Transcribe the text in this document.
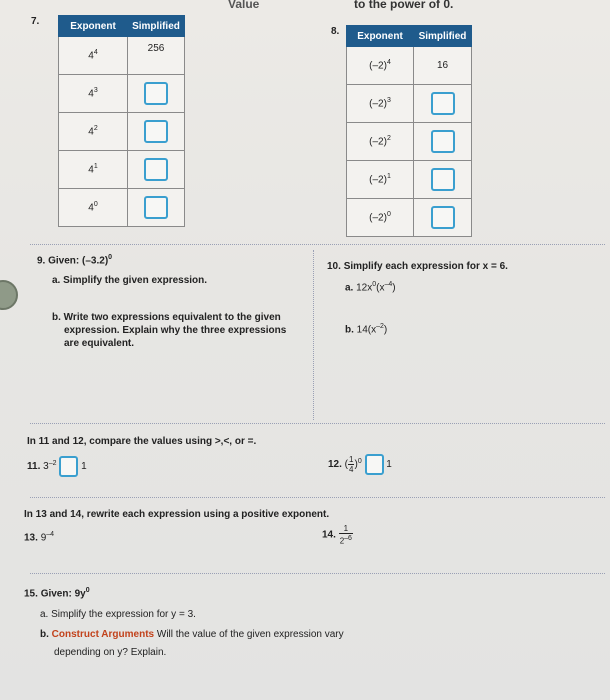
Value	to the power of 0.
7.	Exponent	Simplified
$4^4$	256
$4^3$	
$4^2$	
$4^1$	
$4^0$	
8. Exponent	Simplified
$(-2)^4$	16
$(-2)^3$	
$(-2)^2$	
$(-2)^1$	
$(-2)^0$	
9. Given: $(-3.2)^0$
a. Simplify the given expression.
b. Write two expressions equivalent to the given
expression. Explain why the three expressions
are equivalent.
10. Simplify each expression for x = 6.
a. $12x^0(x^{-4})$
b. $14(x^{-2})$
In 11 and 12, compare the values using >,<, or =.
11. $3^{-2}$ 1	12. ( $\frac{1}{4} )^0$ 1
In 13 and 14, rewrite each expression using a positive exponent.
13. $9^{-4}$	14. $\frac{1}{2^{-6}}$
15. Given: $9y^0$
a. Simplify the expression for y = 3.
b. Construct Arguments Will the value of the given expression vary
depending on y? Explain.
